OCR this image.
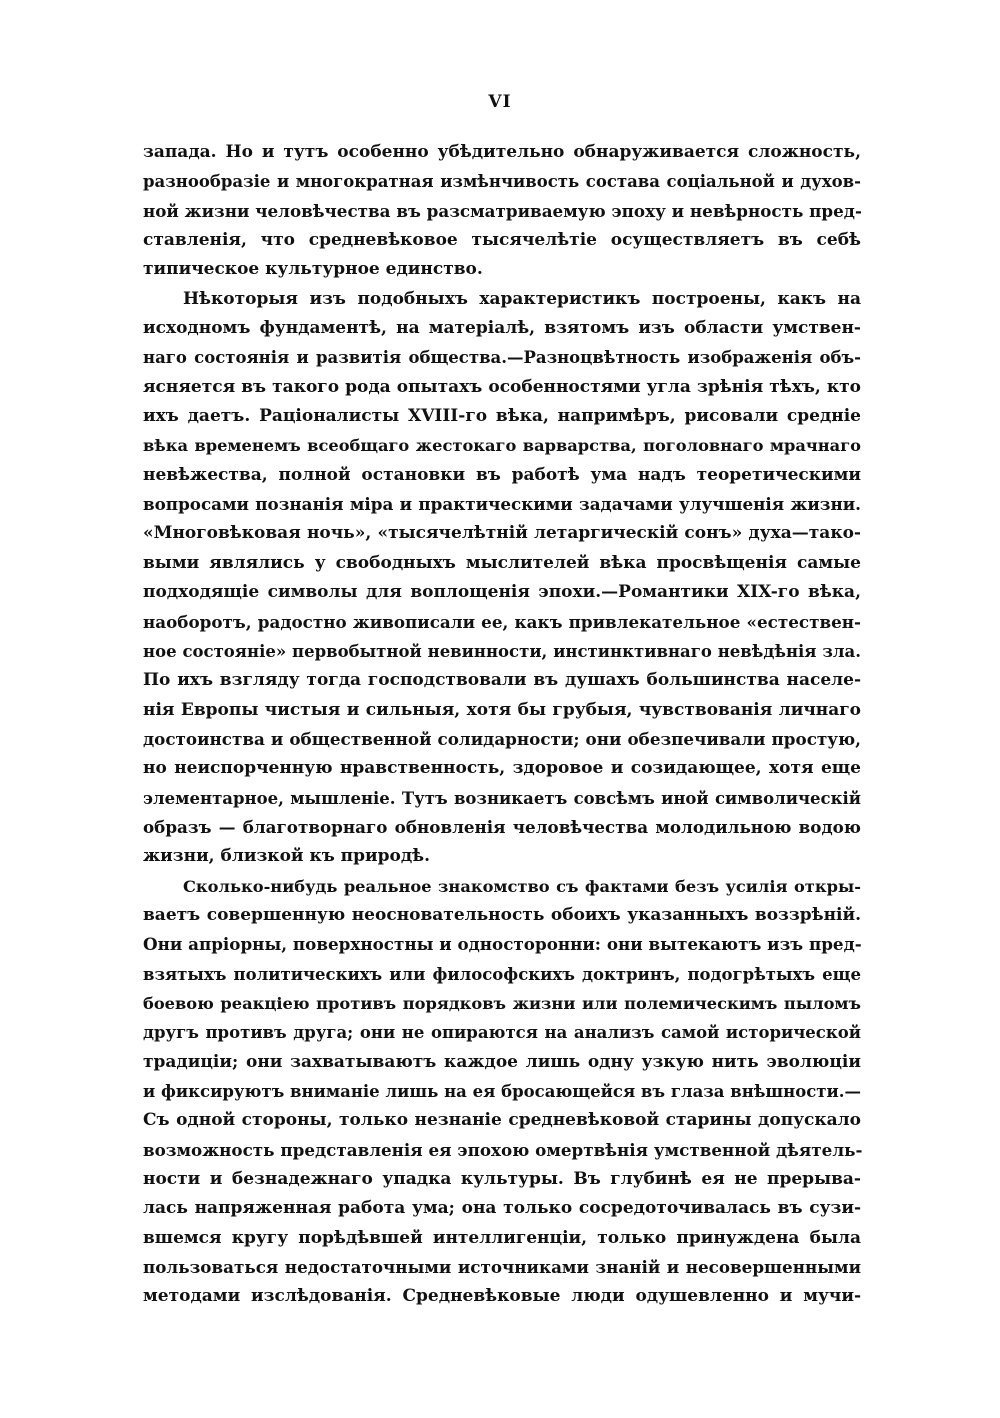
VI
запада. Но и тутъ особенно убѣдительно обнаруживается сложность,
разнообразіе и многократная измѣнчивость состава соціальной и духов-
ной жизни человѣчества въ разсматриваемую эпоху и невѣрность пред-
ставленія, что средневѣковое тысячелѣтіе осуществляетъ въ себѣ
типическое культурное единство.
Нѣкоторыя изъ подобныхъ характеристикъ построены, какъ на
исходномъ фундаментѣ, на матеріалѣ, взятомъ изъ области умствен-
наго состоянія и развитія общества.—Разноцвѣтность изображенія объ-
ясняется въ такого рода опытахъ особенностями угла зрѣнія тѣхъ, кто
ихъ даетъ. Раціоналисты XVIII-го вѣка, напримѣръ, рисовали средніе
вѣка временемъ всеобщаго жестокаго варварства, поголовнаго мрачнаго
невѣжества, полной остановки въ работѣ ума надъ теоретическими
вопросами познанія міра и практическими задачами улучшенія жизни.
«Многовѣковая ночь», «тысячелѣтній летаргическій сонъ» духа—тако-
выми являлись у свободныхъ мыслителей вѣка просвѣщенія самые
подходящіе символы для воплощенія эпохи.—Романтики XIX-го вѣка,
наоборотъ, радостно живописали ее, какъ привлекательное «естествен-
ное состояніе» первобытной невинности, инстинктивнаго невѣдѣнія зла.
По ихъ взгляду тогда господствовали въ душахъ большинства населе-
нія Европы чистыя и сильныя, хотя бы грубыя, чувствованія личнаго
достоинства и общественной солидарности; они обезпечивали простую,
но неиспорченную нравственность, здоровое и созидающее, хотя еще
элементарное, мышленіе. Тутъ возникаетъ совсѣмъ иной символическій
образъ — благотворнаго обновленія человѣчества молодильною водою
жизни, близкой къ природѣ.
Сколько-нибудь реальное знакомство съ фактами безъ усилія откры-
ваетъ совершенную неосновательность обоихъ указанныхъ воззрѣній.
Они апріорны, поверхностны и односторонни: они вытекаютъ изъ пред-
взятыхъ политическихъ или философскихъ доктринъ, подогрѣтыхъ еще
боевою реакціею противъ порядковъ жизни или полемическимъ пыломъ
другъ противъ друга; они не опираются на анализъ самой исторической
традиціи; они захватываютъ каждое лишь одну узкую нить эволюціи
и фиксируютъ вниманіе лишь на ея бросающейся въ глаза внѣшности.—
Съ одной стороны, только незнаніе средневѣковой старины допускало
возможность представленія ея эпохою омертвѣнія умственной дѣятель-
ности и безнадежнаго упадка культуры. Въ глубинѣ ея не прерыва-
лась напряженная работа ума; она только сосредоточивалась въ сузи-
вшемся кругу порѣдѣвшей интеллигенціи, только принуждена была
пользоваться недостаточными источниками знаній и несовершенными
методами изслѣдованія. Средневѣковые люди одушевленно и мучи-
